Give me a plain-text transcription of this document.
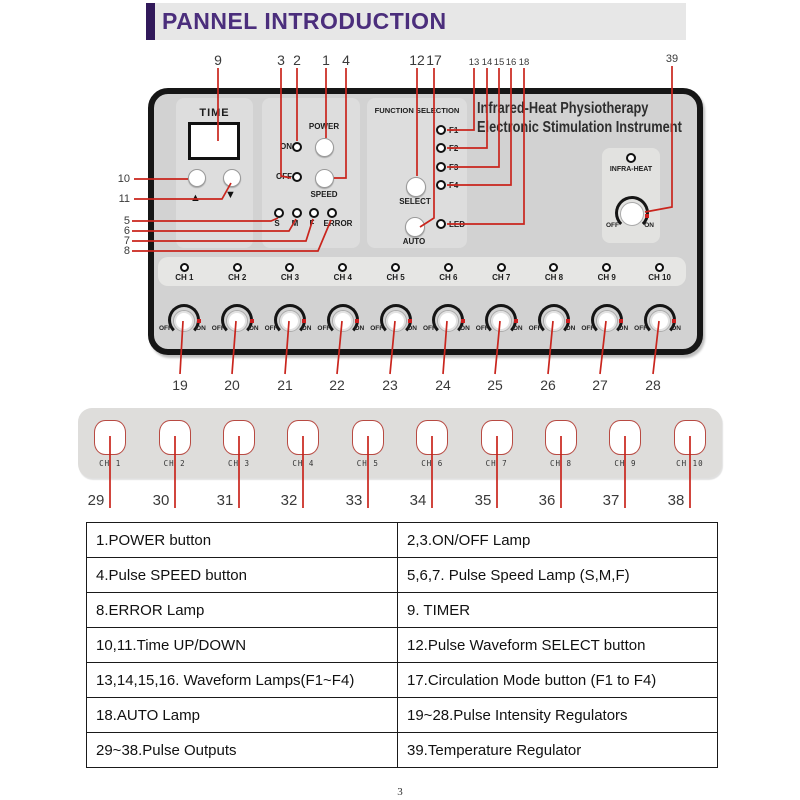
PANNEL INTRODUCTION
TIME
▲ ▼
ON
POWER
OFF
SPEED
S M	F	ERROR
FUNCTION SELECTION
F1
F2
F3
F4
SELECT
AUTO
LED
Infrared-Heat Physiotherapy
Electronic Stimulation Instrument
INFRA-HEAT
OFF	ON
CH 1	CH 2	CH 3	CH 4	CH 5	CH 6	CH 7	CH 8	CH 9	CH 10
OFF	ON OFF	ON OFF	ON OFF	ON OFF	ON OFF	ON OFF	ON OFF	ON OFF	ON OFF	ON
CH 1	CH 2	CH 3	CH 4	CH 5	CH 6	CH 7	CH 8	CH 9	CH 10
9	3 2 1 4	12 17	13 14 15 16 18	39
10
11
5
6
7
8
19	20	21	22	23	24	25	26	27	28
29	30	31	32	33	34	35	36	37	38
1.POWER button	2,3.ON/OFF Lamp
4.Pulse SPEED button	5,6,7. Pulse Speed Lamp (S,M,F)
8.ERROR Lamp	9. TIMER
10,11.Time UP/DOWN	12.Pulse Waveform SELECT button
13,14,15,16. Waveform Lamps(F1~F4)	17.Circulation Mode button (F1 to F4)
18.AUTO Lamp	19~28.Pulse Intensity Regulators
29~38.Pulse Outputs	39.Temperature Regulator
3
